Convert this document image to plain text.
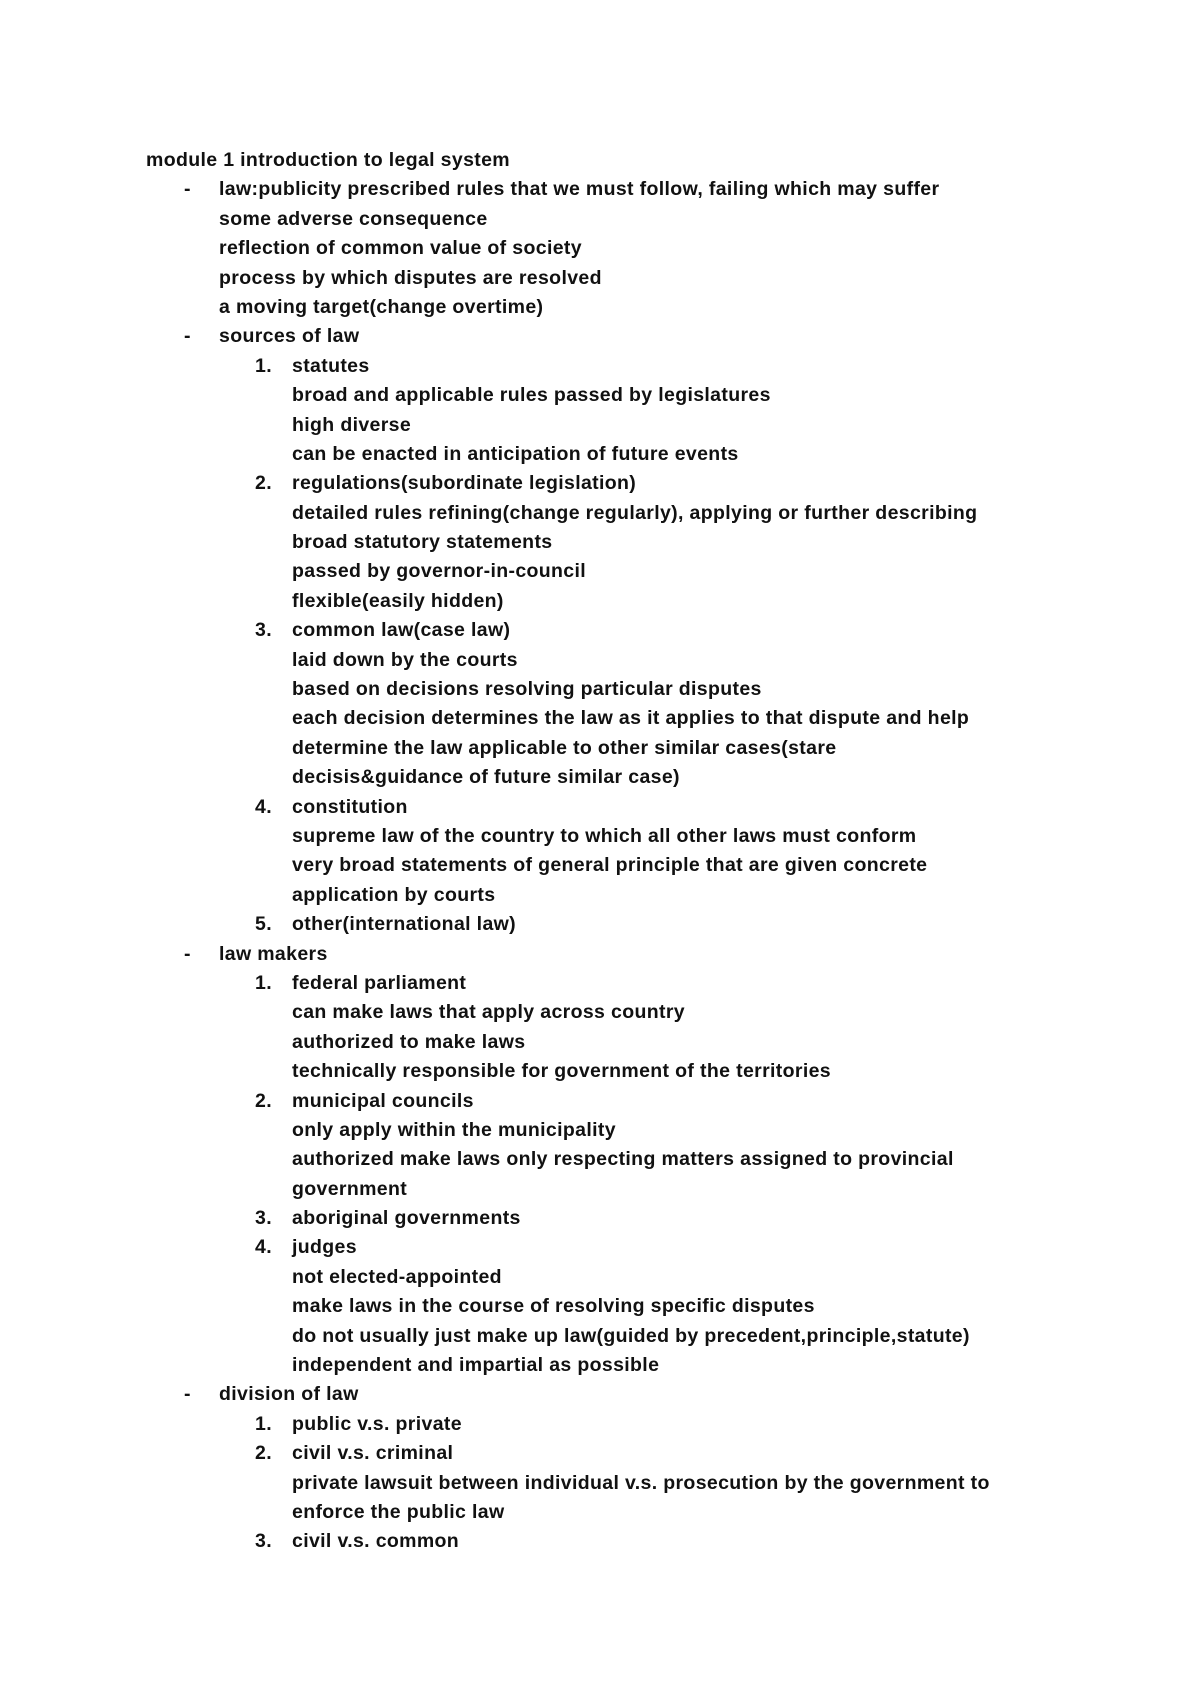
module 1 introduction to legal system
- law:publicity prescribed rules that we must follow, failing which may suffer
some adverse consequence
reflection of common value of society
process by which disputes are resolved
a moving target(change overtime)
- sources of law
1. statutes
broad and applicable rules passed by legislatures
high diverse
can be enacted in anticipation of future events
2. regulations(subordinate legislation)
detailed rules refining(change regularly), applying or further describing
broad statutory statements
passed by governor-in-council
flexible(easily hidden)
3. common law(case law)
laid down by the courts
based on decisions resolving particular disputes
each decision determines the law as it applies to that dispute and help
determine the law applicable to other similar cases(stare
decisis&guidance of future similar case)
4. constitution
supreme law of the country to which all other laws must conform
very broad statements of general principle that are given concrete
application by courts
5. other(international law)
- law makers
1. federal parliament
can make laws that apply across country
authorized to make laws
technically responsible for government of the territories
2. municipal councils
only apply within the municipality
authorized make laws only respecting matters assigned to provincial
government
3. aboriginal governments
4. judges
not elected-appointed
make laws in the course of resolving specific disputes
do not usually just make up law(guided by precedent,principle,statute)
independent and impartial as possible
- division of law
1. public v.s. private
2. civil v.s. criminal
private lawsuit between individual v.s. prosecution by the government to
enforce the public law
3. civil v.s. common
